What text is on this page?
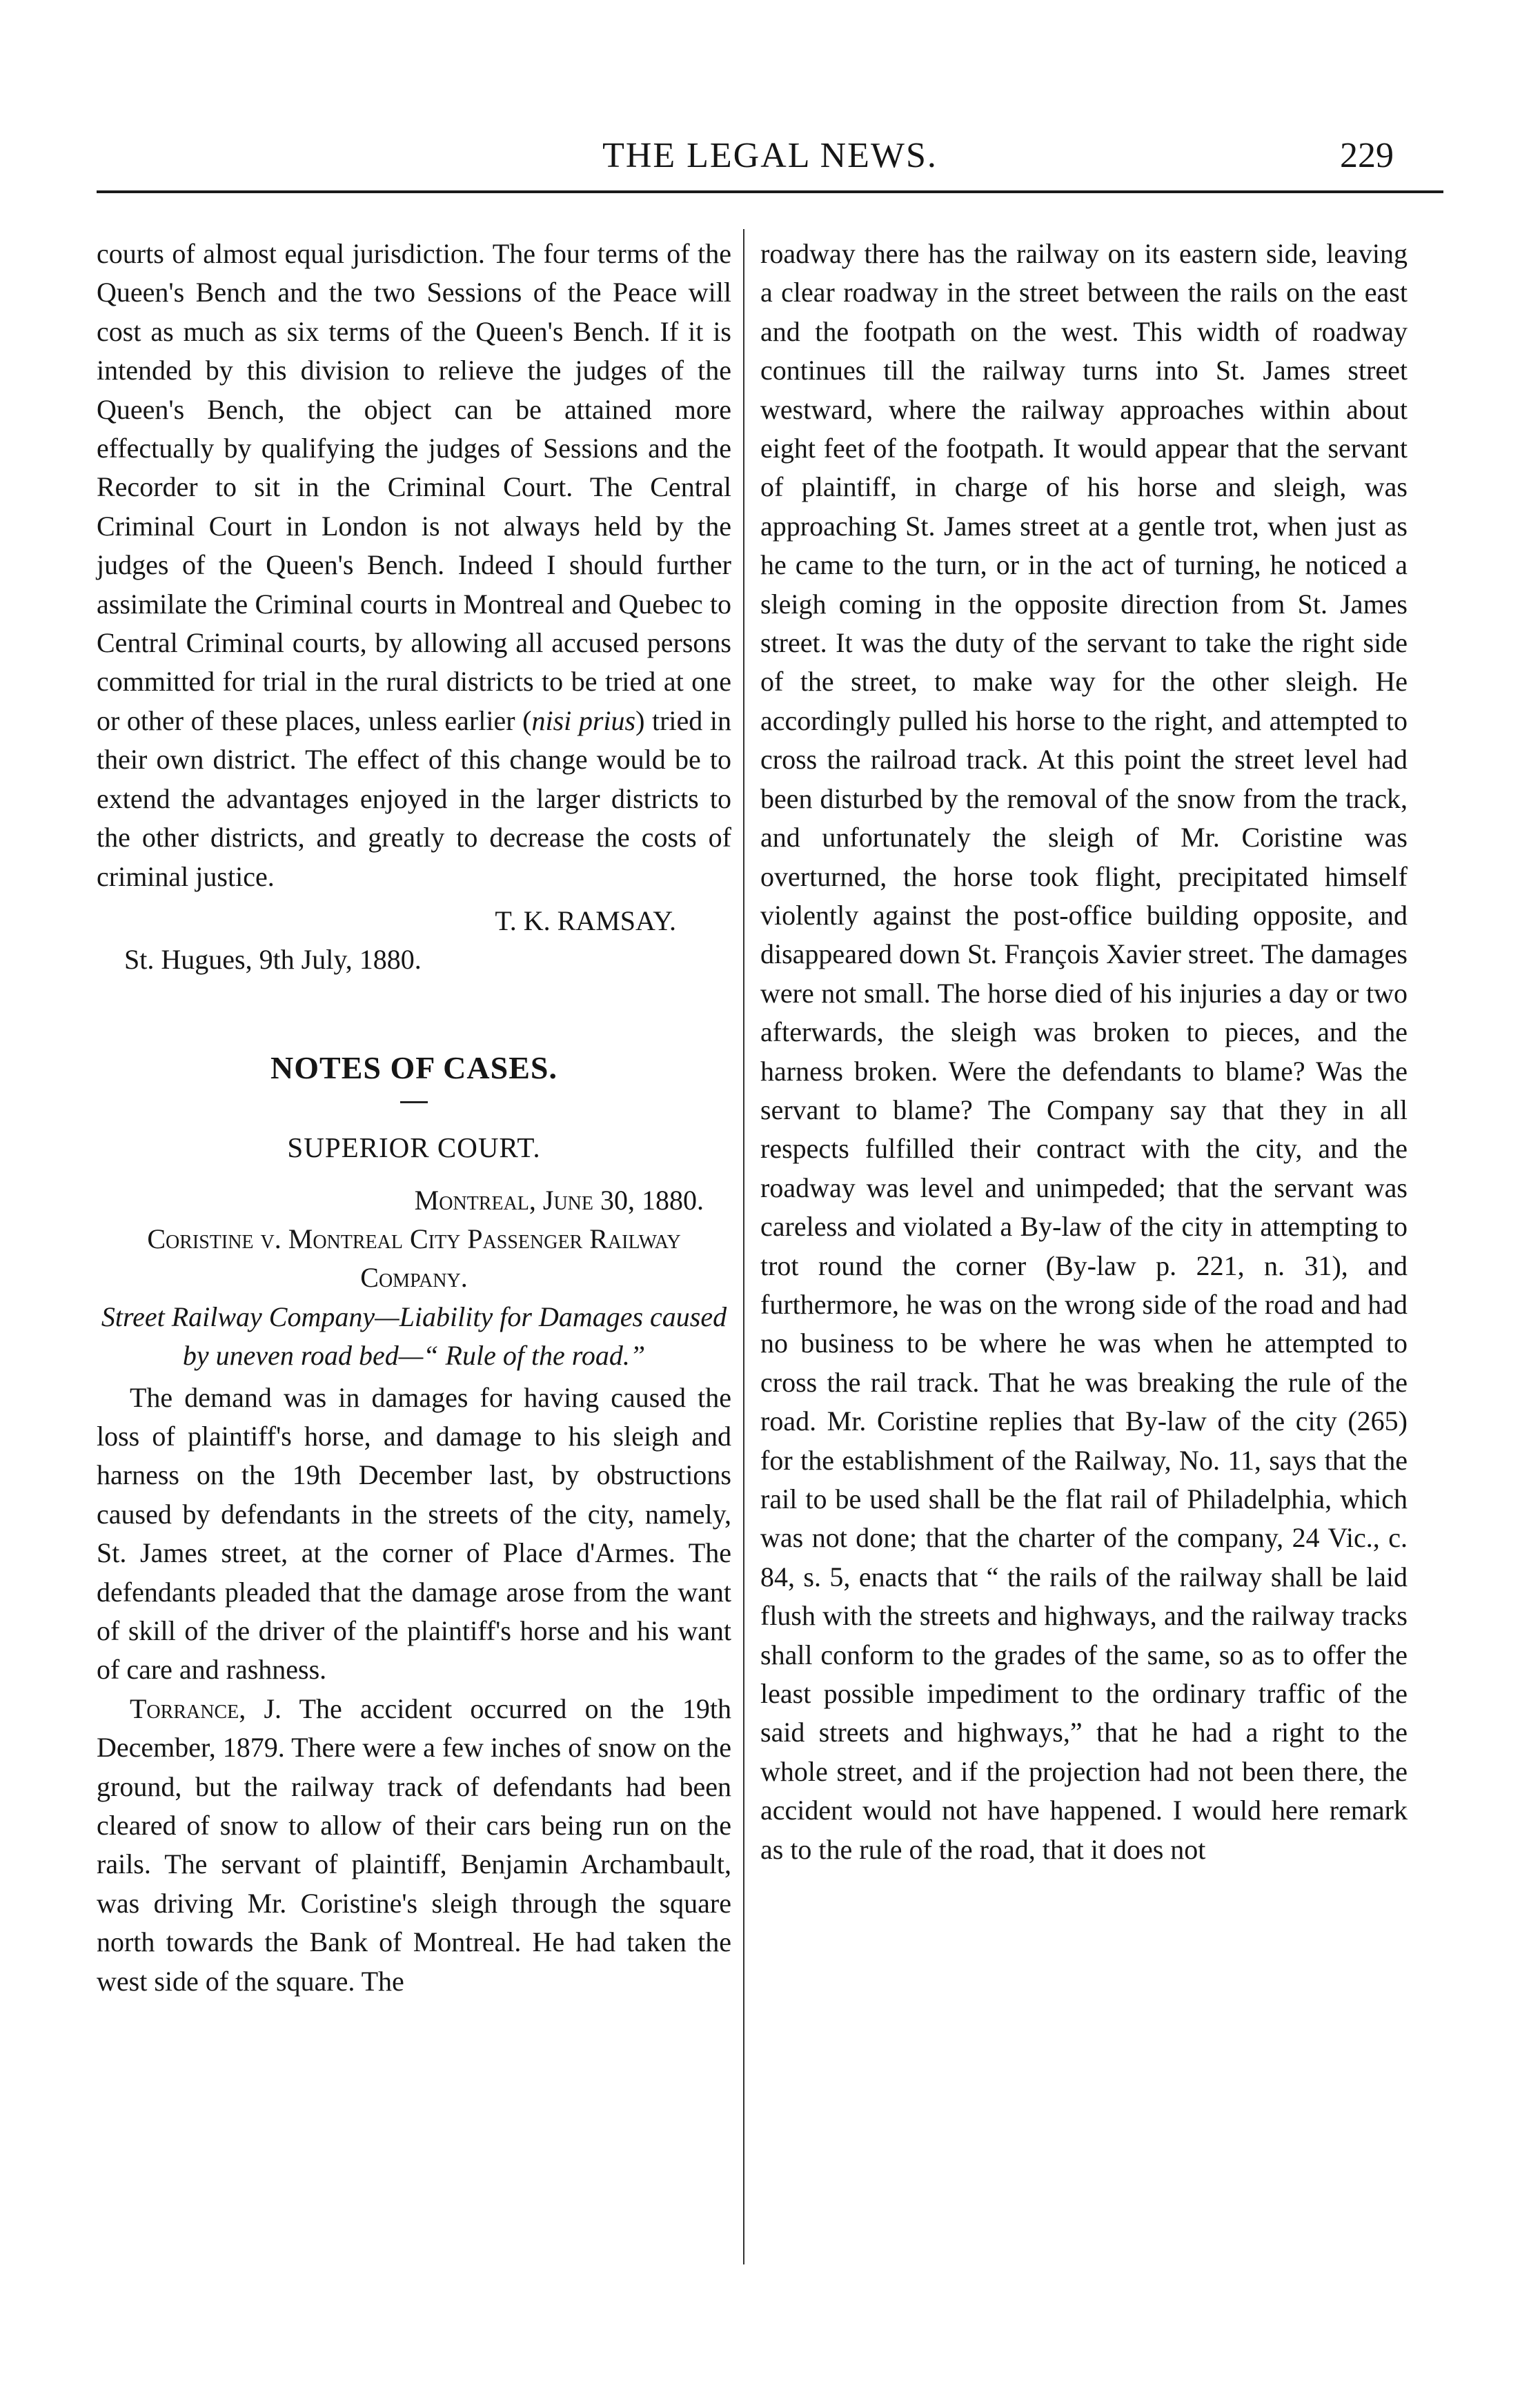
THE LEGAL NEWS.	229

courts of almost equal jurisdiction. The four terms of the Queen's Bench and the two Sessions of the Peace will cost as much as six terms of the Queen's Bench. If it is intended by this division to relieve the judges of the Queen's Bench, the object can be attained more effectually by qualifying the judges of Sessions and the Recorder to sit in the Criminal Court. The Central Criminal Court in London is not always held by the judges of the Queen's Bench. Indeed I should further assimilate the Criminal courts in Montreal and Quebec to Central Criminal courts, by allowing all accused persons committed for trial in the rural districts to be tried at one or other of these places, unless earlier (nisi prius) tried in their own district. The effect of this change would be to extend the advantages enjoyed in the larger districts to the other districts, and greatly to decrease the costs of criminal justice.

T. K. RAMSAY.

St. Hugues, 9th July, 1880.

NOTES OF CASES.

SUPERIOR COURT.

Montreal, June 30, 1880.

Coristine v. Montreal City Passenger Railway Company.

Street Railway Company—Liability for Damages caused by uneven road bed—“ Rule of the road.”

The demand was in damages for having caused the loss of plaintiff's horse, and damage to his sleigh and harness on the 19th December last, by obstructions caused by defendants in the streets of the city, namely, St. James street, at the corner of Place d'Armes. The defendants pleaded that the damage arose from the want of skill of the driver of the plaintiff's horse and his want of care and rashness.

Torrance, J. The accident occurred on the 19th December, 1879. There were a few inches of snow on the ground, but the railway track of defendants had been cleared of snow to allow of their cars being run on the rails. The servant of plaintiff, Benjamin Archambault, was driving Mr. Coristine's sleigh through the square north towards the Bank of Montreal. He had taken the west side of the square. The

roadway there has the railway on its eastern side, leaving a clear roadway in the street between the rails on the east and the footpath on the west. This width of roadway continues till the railway turns into St. James street westward, where the railway approaches within about eight feet of the footpath. It would appear that the servant of plaintiff, in charge of his horse and sleigh, was approaching St. James street at a gentle trot, when just as he came to the turn, or in the act of turning, he noticed a sleigh coming in the opposite direction from St. James street. It was the duty of the servant to take the right side of the street, to make way for the other sleigh. He accordingly pulled his horse to the right, and attempted to cross the railroad track. At this point the street level had been disturbed by the removal of the snow from the track, and unfortunately the sleigh of Mr. Coristine was overturned, the horse took flight, precipitated himself violently against the post-office building opposite, and disappeared down St. François Xavier street. The damages were not small. The horse died of his injuries a day or two afterwards, the sleigh was broken to pieces, and the harness broken. Were the defendants to blame? Was the servant to blame? The Company say that they in all respects fulfilled their contract with the city, and the roadway was level and unimpeded; that the servant was careless and violated a By-law of the city in attempting to trot round the corner (By-law p. 221, n. 31), and furthermore, he was on the wrong side of the road and had no business to be where he was when he attempted to cross the rail track. That he was breaking the rule of the road. Mr. Coristine replies that By-law of the city (265) for the establishment of the Railway, No. 11, says that the rail to be used shall be the flat rail of Philadelphia, which was not done; that the charter of the company, 24 Vic., c. 84, s. 5, enacts that “ the rails of the railway shall be laid flush with the streets and highways, and the railway tracks shall conform to the grades of the same, so as to offer the least possible impediment to the ordinary traffic of the said streets and highways,” that he had a right to the whole street, and if the projection had not been there, the accident would not have happened. I would here remark as to the rule of the road, that it does not
